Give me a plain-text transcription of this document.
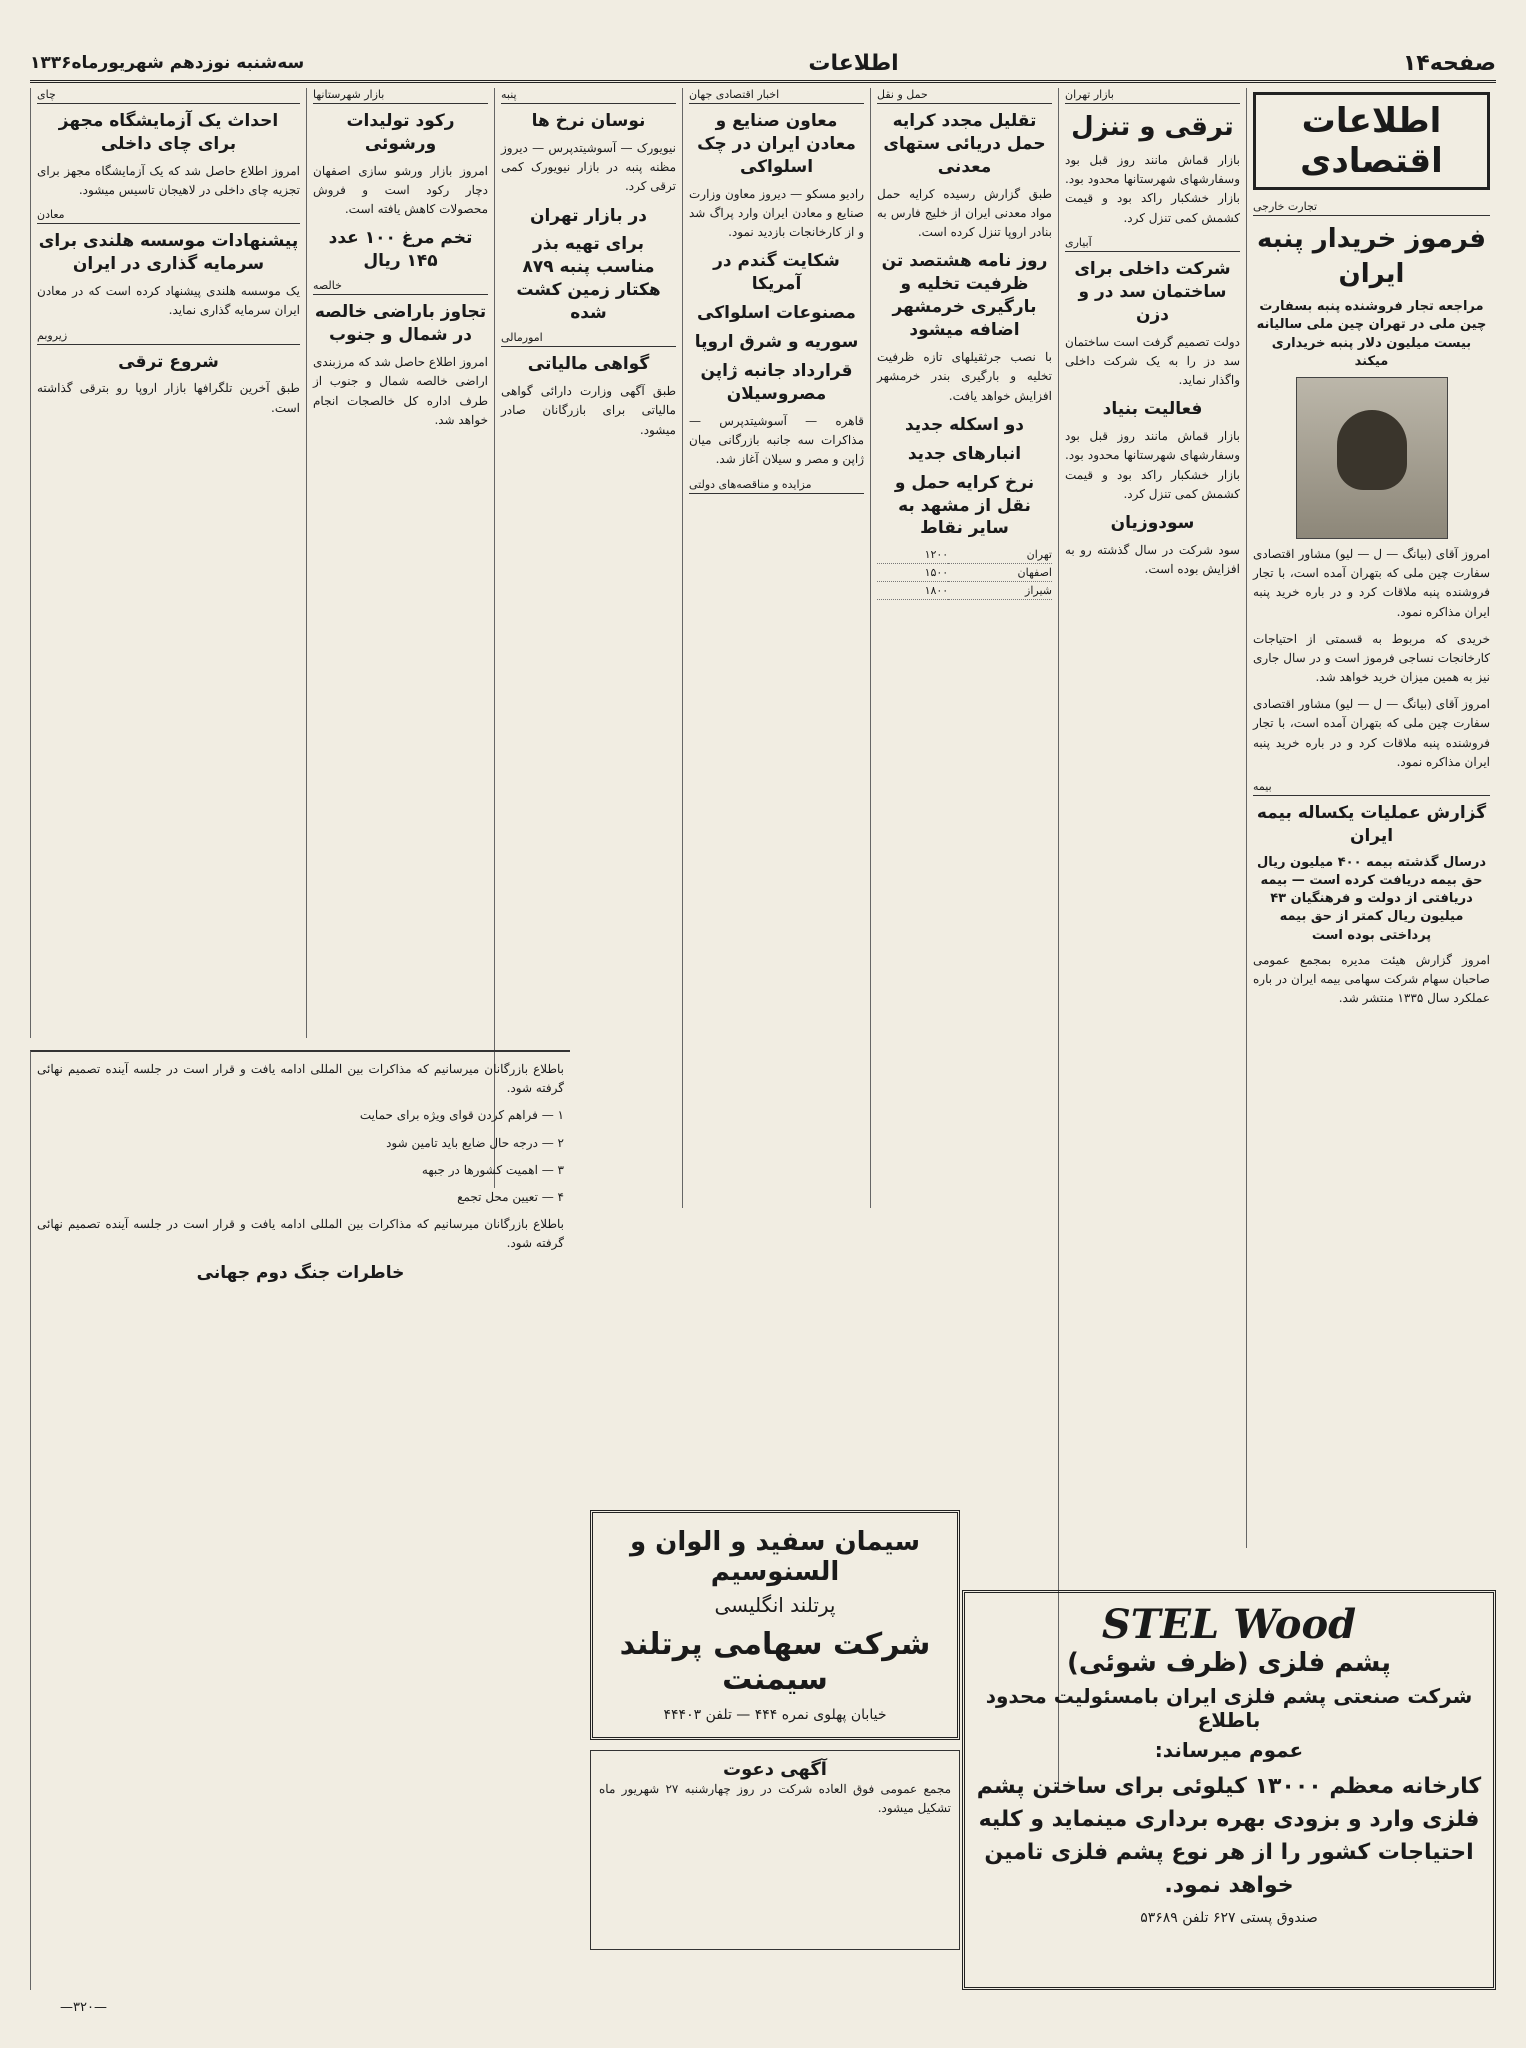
صفحه۱۴
اطلاعات
سه‌شنبه نوزدهم شهریورماه۱۳۳۶
اطلاعات اقتصادی
تجارت خارجی
فرموز خریدار پنبه ایران
مراجعه تجار فروشنده پنبه بسفارت چین ملی در تهران چین ملی سالیانه بیست میلیون دلار پنبه خریداری میکند

امروز آقای (بیانگ — ل — لیو) مشاور اقتصادی سفارت چین ملی که بتهران آمده است، با تجار فروشنده پنبه ملاقات کرد و در باره خرید پنبه ایران مذاکره نمود.

خریدی که مربوط به قسمتی از احتیاجات کارخانجات نساجی فرموز است و در سال جاری نیز به همین میزان خرید خواهد شد.

امروز آقای (بیانگ — ل — لیو) مشاور اقتصادی سفارت چین ملی که بتهران آمده است، با تجار فروشنده پنبه ملاقات کرد و در باره خرید پنبه ایران مذاکره نمود.

بیمه
گزارش عملیات یکساله بیمه ایران
درسال گذشته بیمه ۴۰۰ میلیون ریال حق بیمه دریافت کرده است — بیمه دریافتی از دولت و فرهنگیان ۴۳ میلیون ریال کمتر از حق بیمه پرداختی بوده است

امروز گزارش هیئت مدیره بمجمع عمومی صاحبان سهام شرکت سهامی بیمه ایران در باره عملکرد سال ۱۳۳۵ منتشر شد.

بازار تهران
ترقی و تنزل

بازار قماش مانند روز قبل بود وسفارشهای شهرستانها محدود بود. بازار خشکبار راکد بود و قیمت کشمش کمی تنزل کرد.

آبیاری
شرکت داخلی برای ساختمان سد در و دزن

دولت تصمیم گرفت است ساختمان سد دز را به یک شرکت داخلی واگذار نماید.

فعالیت بنیاد

بازار قماش مانند روز قبل بود وسفارشهای شهرستانها محدود بود. بازار خشکبار راکد بود و قیمت کشمش کمی تنزل کرد.

سودوزیان

سود شرکت در سال گذشته رو به افزایش بوده است.

حمل و نقل
تقلیل مجدد کرایه حمل دریائی ستهای معدنی

طبق گزارش رسیده کرایه حمل مواد معدنی ایران از خلیج فارس به بنادر اروپا تنزل کرده است.

روز نامه هشتصد تن ظرفیت تخلیه و بارگیری خرمشهر اضافه میشود

با نصب جرثقیلهای تازه ظرفیت تخلیه و بارگیری بندر خرمشهر افزایش خواهد یافت.

دو اسکله جدید
انبارهای جدید
نرخ کرایه حمل و نقل از مشهد به سایر نقاط
تهران	۱۲۰۰
اصفهان	۱۵۰۰
شیراز	۱۸۰۰
اخبار اقتصادی جهان
معاون صنایع و معادن ایران در چک اسلواکی

رادیو مسکو — دیروز معاون وزارت صنایع و معادن ایران وارد پراگ شد و از کارخانجات بازدید نمود.

شکایت گندم در آمریکا
مصنوعات اسلواکی
سوریه و شرق اروپا
قرارداد جانبه ژاپن مصروسیلان

قاهره — آسوشیتدپرس — مذاکرات سه جانبه بازرگانی میان ژاپن و مصر و سیلان آغاز شد.

مزایده و مناقصه‌های دولتی
پنبه
نوسان نرخ ها

نیویورک — آسوشیتدپرس — دیروز مظنه پنبه در بازار نیویورک کمی ترقی کرد.

در بازار تهران
برای تهیه بذر مناسب پنبه ۸۷۹ هکتار زمین کشت شده
امورمالی
گواهی مالیاتی

طبق آگهی وزارت دارائی گواهی مالیاتی برای بازرگانان صادر میشود.

بازار شهرستانها
رکود تولیدات ورشوئی

امروز بازار ورشو سازی اصفهان دچار رکود است و فروش محصولات کاهش یافته است.

تخم مرغ ۱۰۰ عدد ۱۴۵ ریال
خالصه
تجاوز باراضی خالصه در شمال و جنوب

امروز اطلاع حاصل شد که مرزبندی اراضی خالصه شمال و جنوب از طرف اداره کل خالصجات انجام خواهد شد.

چای
احداث یک آزمایشگاه مجهز برای چای داخلی

امروز اطلاع حاصل شد که یک آزمایشگاه مجهز برای تجزیه چای داخلی در لاهیجان تاسیس میشود.

معادن
پیشنهادات موسسه هلندی برای سرمایه گذاری در ایران

یک موسسه هلندی پیشنهاد کرده است که در معادن ایران سرمایه گذاری نماید.

زیروبم
شروع ترقی

طبق آخرین تلگرافها بازار اروپا رو بترقی گذاشته است.

باطلاع بازرگانان میرسانیم که مذاکرات بین المللی ادامه یافت و قرار است در جلسه آینده تصمیم نهائی گرفته شود.

۱ — فراهم کردن قوای ویژه برای حمایت

۲ — درجه حال ضایع باید تامین شود

۳ — اهمیت کشورها در جبهه

۴ — تعیین محل تجمع

باطلاع بازرگانان میرسانیم که مذاکرات بین المللی ادامه یافت و قرار است در جلسه آینده تصمیم نهائی گرفته شود.

خاطرات جنگ دوم جهانی
سیمان سفید و الوان و السنوسیم
پرتلند انگلیسی
شرکت سهامی پرتلند سیمنت
خیابان پهلوی نمره ۴۴۴ — تلفن ۴۴۴۰۳
آگهی دعوت

مجمع عمومی فوق العاده شرکت در روز چهارشنبه ۲۷ شهریور ماه تشکیل میشود.

STEL Wood
پشم فلزی (ظرف شوئی)
شرکت صنعتی پشم فلزی ایران بامسئولیت محدود باطلاع
عموم میرساند:
کارخانه معظم ۱۳۰۰۰ کیلوئی برای ساختن پشم فلزی وارد و بزودی بهره برداری مینماید و کلیه احتیاجات کشور را از هر نوع پشم فلزی تامین خواهد نمود.
صندوق پستی ۶۲۷ تلفن ۵۳۶۸۹
—۳۲۰—
